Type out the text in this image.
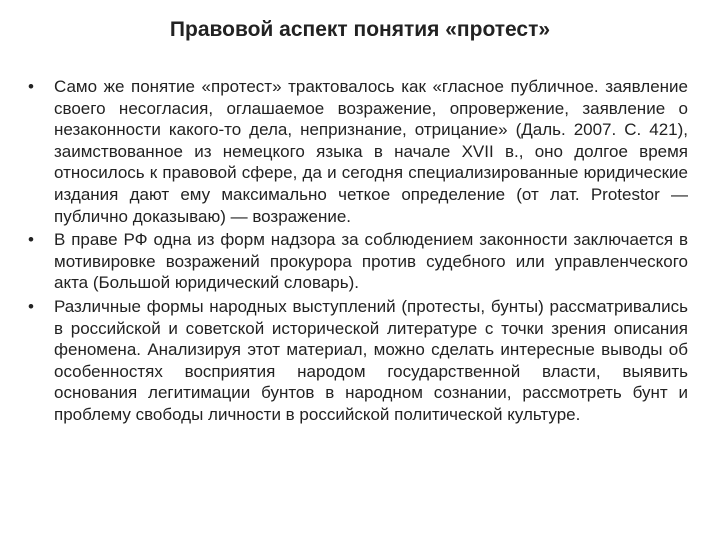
Правовой аспект понятия «протест»
•	Само же понятие «протест» трактовалось как «гласное публичное. заявление своего несогласия, оглашаемое возражение, опровержение, заявление о незаконности какого-то дела, непризнание, отрицание» (Даль. 2007. С. 421), заимствованное из немецкого языка в начале XVII в., оно долгое время относилось к правовой сфере, да и сегодня специализированные юридические издания дают ему максимально четкое определение (от лат. Protestor — публично доказываю) — возражение.
•	В праве РФ одна из форм надзора за соблюдением законности заключается в мотивировке возражений прокурора против судебного или управленческого акта (Большой юридический словарь).
•	Различные формы народных выступлений (протесты, бунты) рассматривались в российской и советской исторической литературе с точки зрения описания феномена. Анализируя этот материал, можно сделать интересные выводы об особенностях восприятия народом государственной власти, выявить основания легитимации бунтов в народном сознании, рассмотреть бунт и проблему свободы личности в российской политической культуре.
